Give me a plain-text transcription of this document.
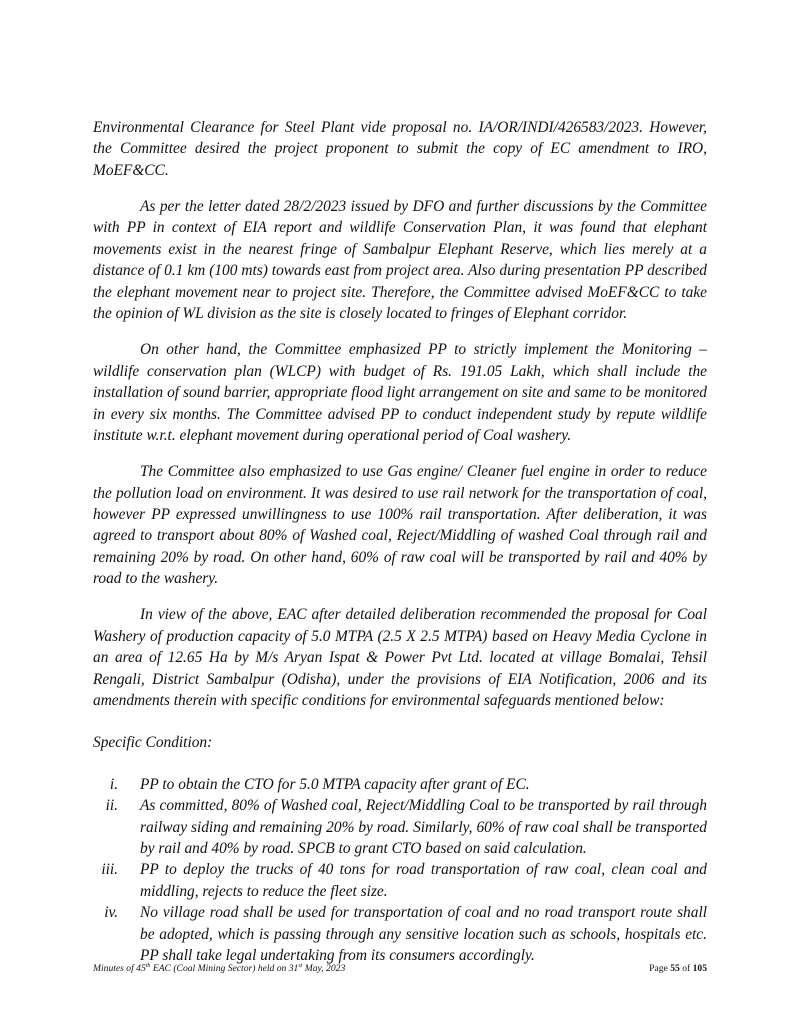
Environmental Clearance for Steel Plant vide proposal no. IA/OR/INDI/426583/2023. However, the Committee desired the project proponent to submit the copy of EC amendment to IRO, MoEF&CC.

As per the letter dated 28/2/2023 issued by DFO and further discussions by the Committee with PP in context of EIA report and wildlife Conservation Plan, it was found that elephant movements exist in the nearest fringe of Sambalpur Elephant Reserve, which lies merely at a distance of 0.1 km (100 mts) towards east from project area. Also during presentation PP described the elephant movement near to project site. Therefore, the Committee advised MoEF&CC to take the opinion of WL division as the site is closely located to fringes of Elephant corridor.

On other hand, the Committee emphasized PP to strictly implement the Monitoring – wildlife conservation plan (WLCP) with budget of Rs. 191.05 Lakh, which shall include the installation of sound barrier, appropriate flood light arrangement on site and same to be monitored in every six months. The Committee advised PP to conduct independent study by repute wildlife institute w.r.t. elephant movement during operational period of Coal washery.

The Committee also emphasized to use Gas engine/ Cleaner fuel engine in order to reduce the pollution load on environment. It was desired to use rail network for the transportation of coal, however PP expressed unwillingness to use 100% rail transportation. After deliberation, it was agreed to transport about 80% of Washed coal, Reject/Middling of washed Coal through rail and remaining 20% by road. On other hand, 60% of raw coal will be transported by rail and 40% by road to the washery.

In view of the above, EAC after detailed deliberation recommended the proposal for Coal Washery of production capacity of 5.0 MTPA (2.5 X 2.5 MTPA) based on Heavy Media Cyclone in an area of 12.65 Ha by M/s Aryan Ispat & Power Pvt Ltd. located at village Bomalai, Tehsil Rengali, District Sambalpur (Odisha), under the provisions of EIA Notification, 2006 and its amendments therein with specific conditions for environmental safeguards mentioned below:

Specific Condition:

i. PP to obtain the CTO for 5.0 MTPA capacity after grant of EC.
ii. As committed, 80% of Washed coal, Reject/Middling Coal to be transported by rail through railway siding and remaining 20% by road. Similarly, 60% of raw coal shall be transported by rail and 40% by road. SPCB to grant CTO based on said calculation.
iii. PP to deploy the trucks of 40 tons for road transportation of raw coal, clean coal and middling, rejects to reduce the fleet size.
iv. No village road shall be used for transportation of coal and no road transport route shall be adopted, which is passing through any sensitive location such as schools, hospitals etc. PP shall take legal undertaking from its consumers accordingly.
Minutes of 45th EAC (Coal Mining Sector) held on 31st May, 2023	Page 55 of 105
